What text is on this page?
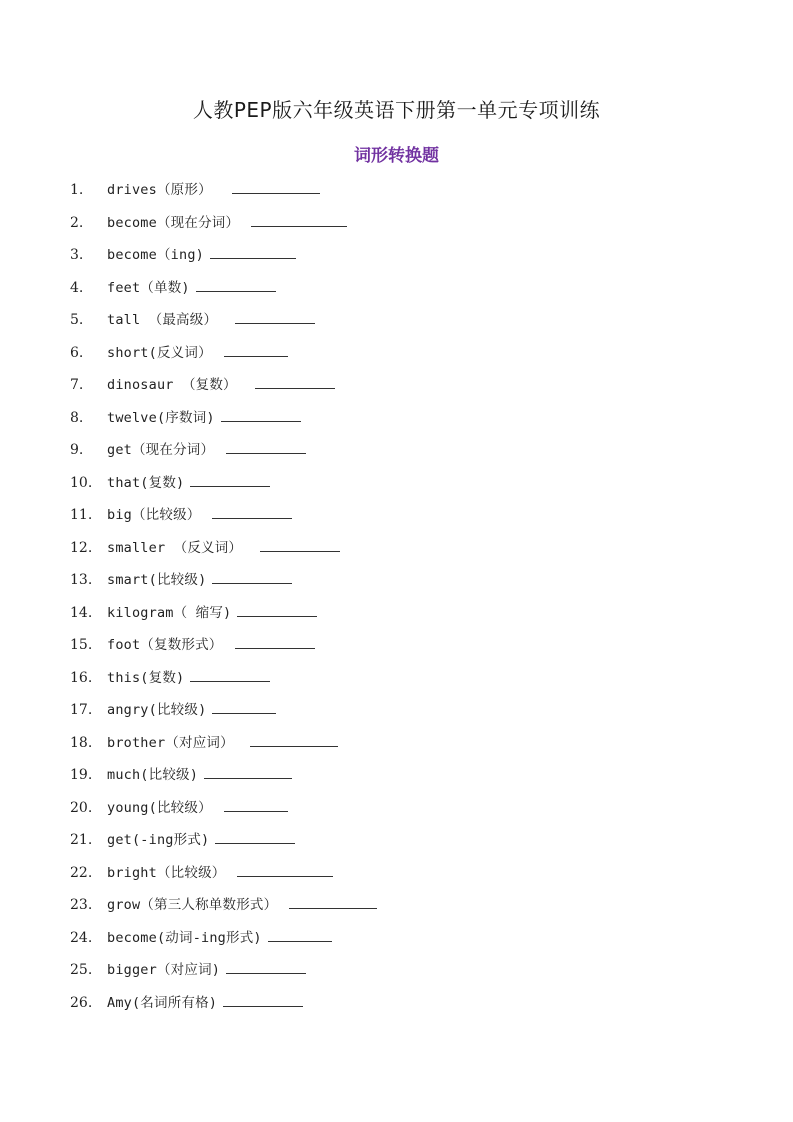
人教PEP版六年级英语下册第一单元专项训练
词形转换题
1.	drives（原形）
2.	become（现在分词）
3.	become（ing)
4.	feet（单数)
5.	tall （最高级）
6.	short(反义词）
7.	dinosaur （复数）
8.	twelve(序数词)
9.	get（现在分词）
10.	that(复数)
11.	big（比较级）
12.	smaller （反义词）
13.	smart(比较级)
14.	kilogram（ 缩写)
15.	foot（复数形式）
16.	this(复数)
17.	angry(比较级)
18.	brother（对应词）
19.	much(比较级)
20.	young(比较级）
21.	get(-ing形式)
22.	bright（比较级）
23.	grow（第三人称单数形式）
24.	become(动词-ing形式)
25.	bigger（对应词)
26.	Amy(名词所有格)
